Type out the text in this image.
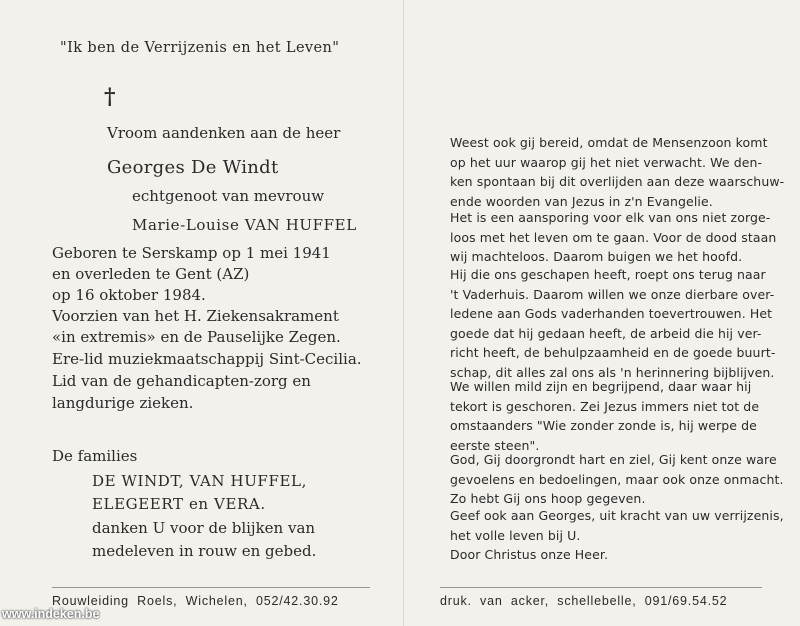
"Ik ben de Verrijzenis en het Leven"
†
Vroom aandenken aan de heer
Georges De Windt
echtgenoot van mevrouw
Marie-Louise VAN HUFFEL
Geboren te Serskamp op 1 mei 1941
en overleden te Gent (AZ)
op 16 oktober 1984.
Voorzien van het H. Ziekensakrament
«in extremis» en de Pauselijke Zegen.
Ere-lid muziekmaatschappij Sint-Cecilia.
Lid van de gehandicapten-zorg en
langdurige zieken.
De families
DE WINDT, VAN HUFFEL,
ELEGEERT en VERA.
danken U voor de blijken van
medeleven in rouw en gebed.
Weest ook gij bereid, omdat de Mensenzoon komt
op het uur waarop gij het niet verwacht. We den-
ken spontaan bij dit overlijden aan deze waarschuw-
ende woorden van Jezus in z'n Evangelie.
Het is een aansporing voor elk van ons niet zorge-
loos met het leven om te gaan. Voor de dood staan
wij machteloos. Daarom buigen we het hoofd.
Hij die ons geschapen heeft, roept ons terug naar
't Vaderhuis. Daarom willen we onze dierbare over-
ledene aan Gods vaderhanden toevertrouwen. Het
goede dat hij gedaan heeft, de arbeid die hij ver-
richt heeft, de behulpzaamheid en de goede buurt-
schap, dit alles zal ons als 'n herinnering bijblijven.
We willen mild zijn en begrijpend, daar waar hij
tekort is geschoren. Zei Jezus immers niet tot de
omstaanders "Wie zonder zonde is, hij werpe de
eerste steen".
God, Gij doorgrondt hart en ziel, Gij kent onze ware
gevoelens en bedoelingen, maar ook onze onmacht.
Zo hebt Gij ons hoop gegeven.
Geef ook aan Georges, uit kracht van uw verrijzenis,
het volle leven bij U.
Door Christus onze Heer.
Rouwleiding Roels, Wichelen, 052/42.30.92	druk. van acker, schellebelle, 091/69.54.52
www.indeken.be
